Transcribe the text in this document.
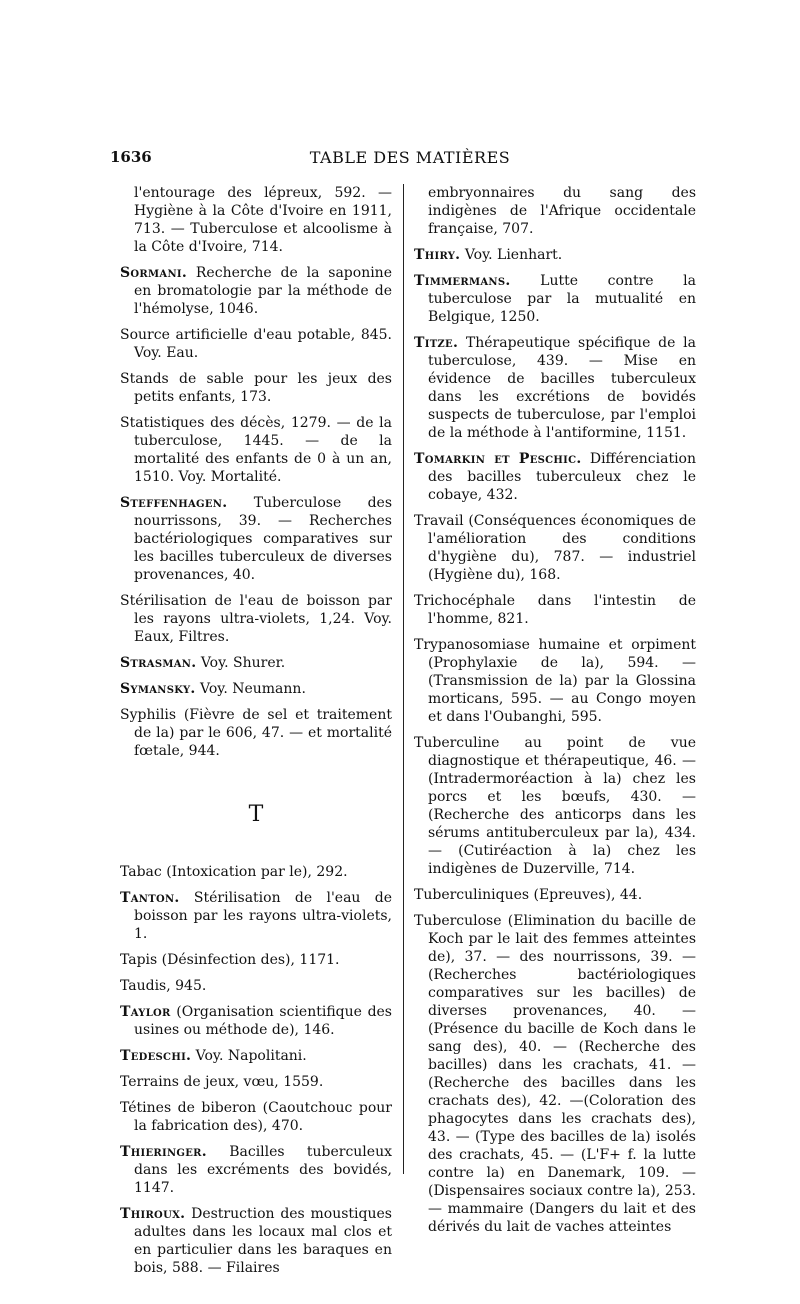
1636	TABLE DES MATIÈRES

l'entourage des lépreux, 592. — Hygiène à la Côte d'Ivoire en 1911, 713. — Tuberculose et alcoolisme à la Côte d'Ivoire, 714.

Sormani. Recherche de la saponine en bromatologie par la méthode de l'hémolyse, 1046.

Source artificielle d'eau potable, 845. Voy. Eau.

Stands de sable pour les jeux des petits enfants, 173.

Statistiques des décès, 1279. — de la tuberculose, 1445. — de la mortalité des enfants de 0 à un an, 1510. Voy. Mortalité.

Steffenhagen. Tuberculose des nourrissons, 39. — Recherches bactériologiques comparatives sur les bacilles tuberculeux de diverses provenances, 40.

Stérilisation de l'eau de boisson par les rayons ultra-violets, 1,24. Voy. Eaux, Filtres.

Strasman. Voy. Shurer.

Symansky. Voy. Neumann.

Syphilis (Fièvre de sel et traitement de la) par le 606, 47. — et mortalité fœtale, 944.

T

Tabac (Intoxication par le), 292.

Tanton. Stérilisation de l'eau de boisson par les rayons ultra-violets, 1.

Tapis (Désinfection des), 1171.

Taudis, 945.

Taylor (Organisation scientifique des usines ou méthode de), 146.

Tedeschi. Voy. Napolitani.

Terrains de jeux, vœu, 1559.

Tétines de biberon (Caoutchouc pour la fabrication des), 470.

Thieringer. Bacilles tuberculeux dans les excréments des bovidés, 1147.

Thiroux. Destruction des moustiques adultes dans les locaux mal clos et en particulier dans les baraques en bois, 588. — Filaires

embryonnaires du sang des indigènes de l'Afrique occidentale française, 707.

Thiry. Voy. Lienhart.

Timmermans. Lutte contre la tuberculose par la mutualité en Belgique, 1250.

Titze. Thérapeutique spécifique de la tuberculose, 439. — Mise en évidence de bacilles tuberculeux dans les excrétions de bovidés suspects de tuberculose, par l'emploi de la méthode à l'antiformine, 1151.

Tomarkin et Peschic. Différenciation des bacilles tuberculeux chez le cobaye, 432.

Travail (Conséquences économiques de l'amélioration des conditions d'hygiène du), 787. — industriel (Hygiène du), 168.

Trichocéphale dans l'intestin de l'homme, 821.

Trypanosomiase humaine et orpiment (Prophylaxie de la), 594. — (Transmission de la) par la Glossina morticans, 595. — au Congo moyen et dans l'Oubanghi, 595.

Tuberculine au point de vue diagnostique et thérapeutique, 46. — (Intradermoréaction à la) chez les porcs et les bœufs, 430. — (Recherche des anticorps dans les sérums antituberculeux par la), 434. — (Cutiréaction à la) chez les indigènes de Duzerville, 714.

Tuberculiniques (Epreuves), 44.

Tuberculose (Elimination du bacille de Koch par le lait des femmes atteintes de), 37. — des nourrissons, 39. — (Recherches bactériologiques comparatives sur les bacilles) de diverses provenances, 40. — (Présence du bacille de Koch dans le sang des), 40. — (Recherche des bacilles) dans les crachats, 41. — (Recherche des bacilles dans les crachats des), 42. —(Coloration des phagocytes dans les crachats des), 43. — (Type des bacilles de la) isolés des crachats, 45. — (L'F+ f. la lutte contre la) en Danemark, 109. —(Dispensaires sociaux contre la), 253. — mammaire (Dangers du lait et des dérivés du lait de vaches atteintes
